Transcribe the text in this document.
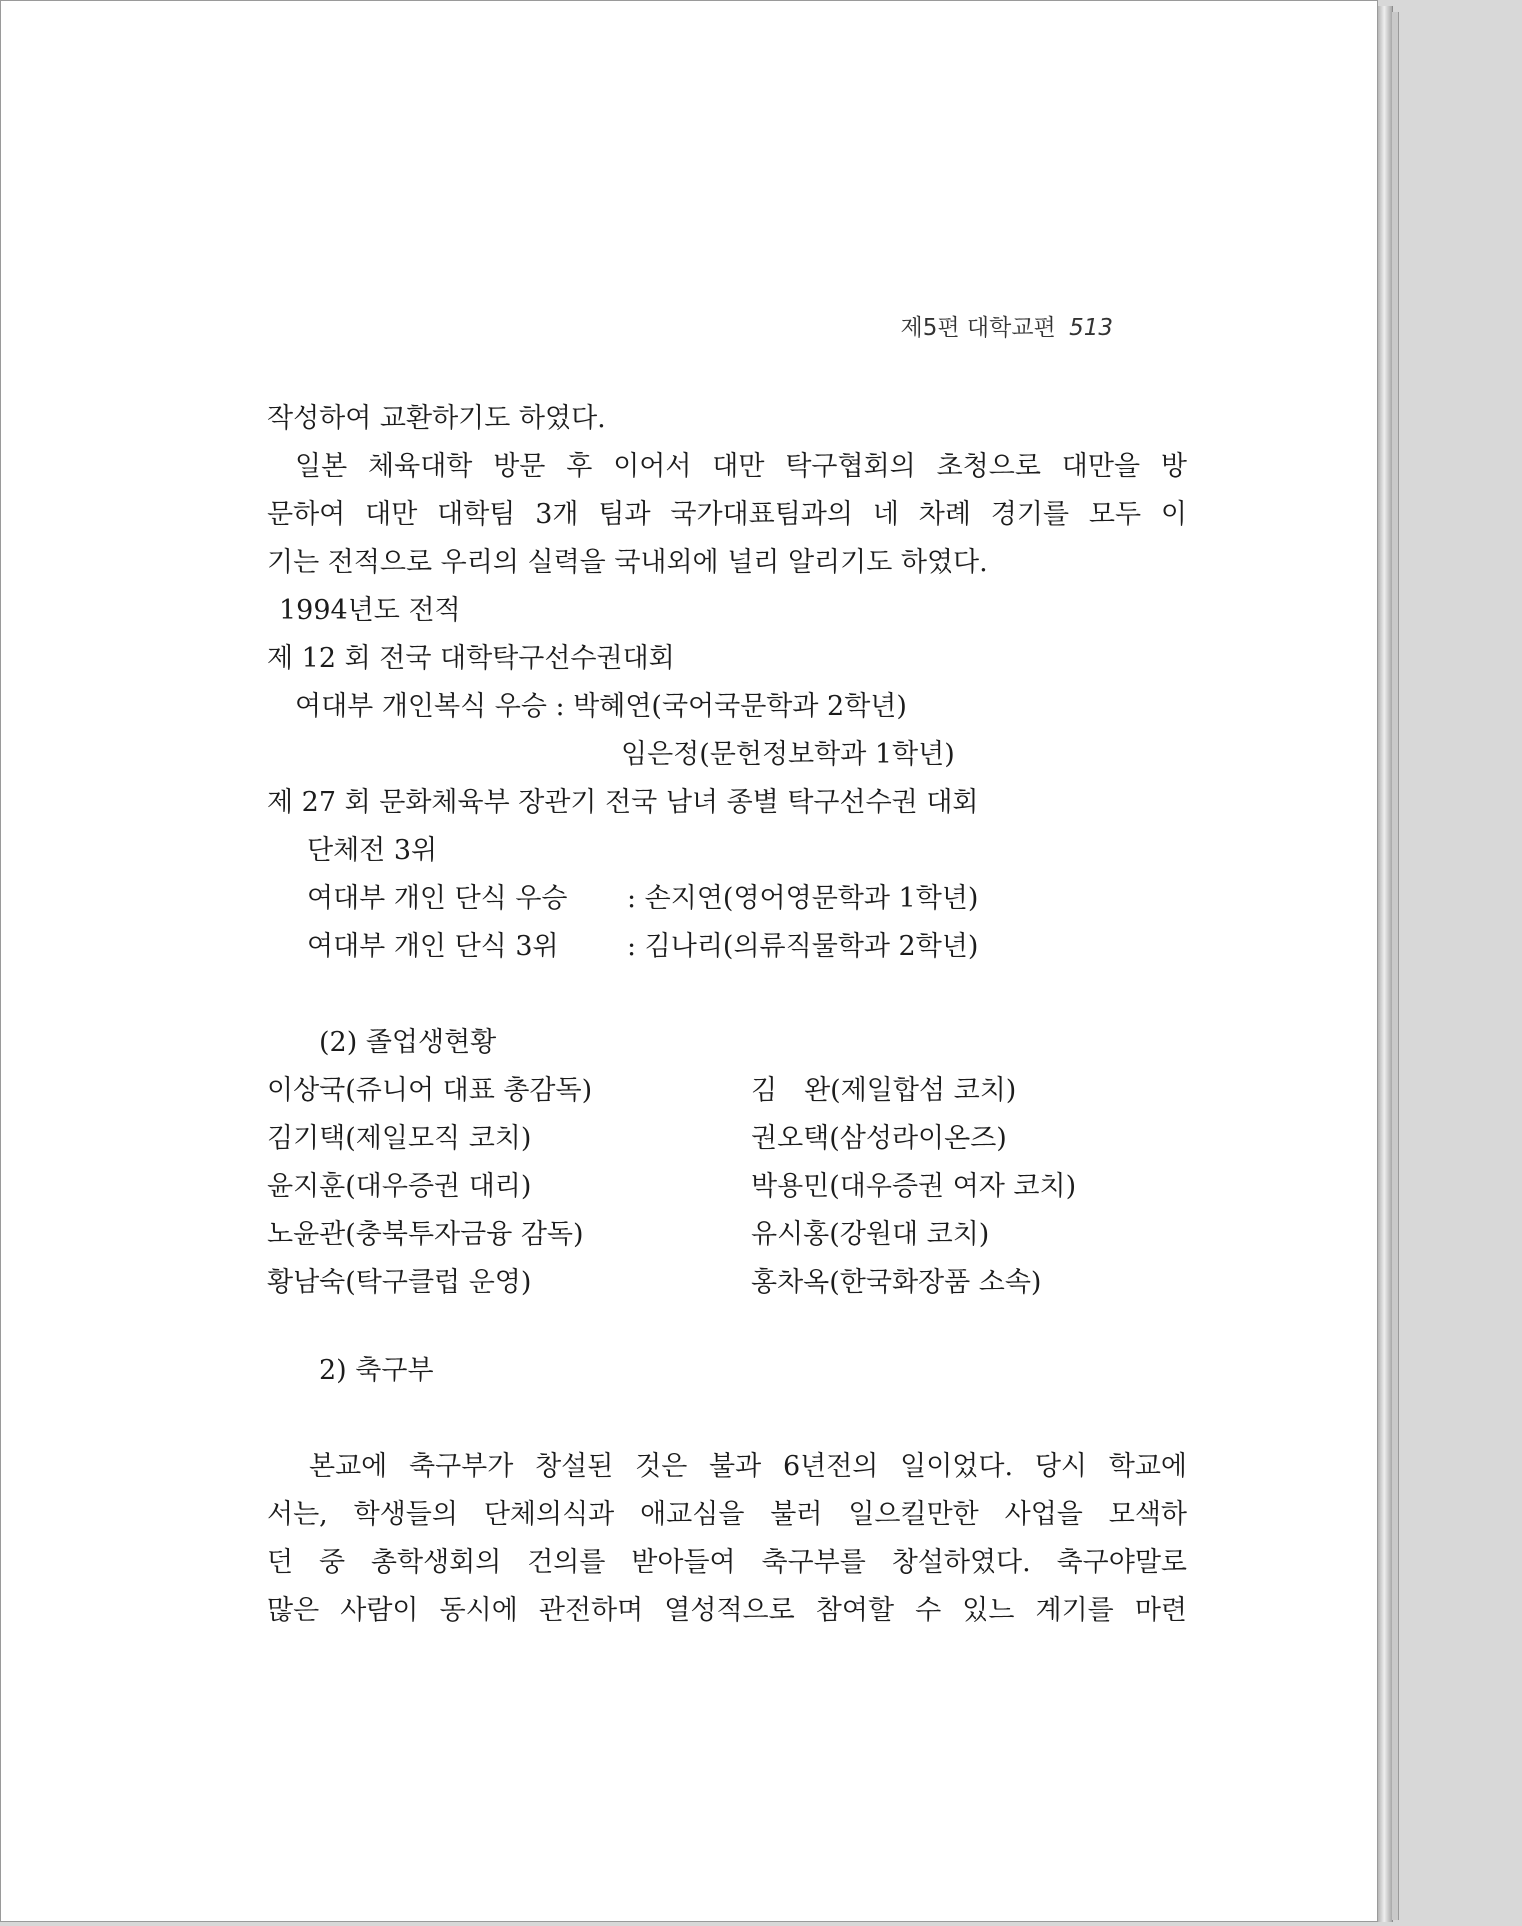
제5편 대학교편 513
작성하여 교환하기도 하였다.
일본 체육대학 방문 후 이어서 대만 탁구협회의 초청으로 대만을 방
문하여 대만 대학팀 3개 팀과 국가대표팀과의 네 차례 경기를 모두 이
기는 전적으로 우리의 실력을 국내외에 널리 알리기도 하였다.
1994년도 전적
제 12 회 전국 대학탁구선수권대회
여대부 개인복식 우승 : 박혜연(국어국문학과 2학년)
임은정(문헌정보학과 1학년)
제 27 회 문화체육부 장관기 전국 남녀 종별 탁구선수권 대회
단체전 3위
여대부 개인 단식 우승 : 손지연(영어영문학과 1학년)
여대부 개인 단식 3위	: 김나리(의류직물학과 2학년)
(2) 졸업생현황
이상국(쥬니어 대표 총감독)	김　완(제일합섬 코치)
김기택(제일모직 코치)	권오택(삼성라이온즈)
윤지훈(대우증권 대리)	박용민(대우증권 여자 코치)
노윤관(충북투자금융 감독)	유시홍(강원대 코치)
황남숙(탁구클럽 운영)	홍차옥(한국화장품 소속)
2) 축구부
본교에 축구부가 창설된 것은 불과 6년전의 일이었다. 당시 학교에
서는, 학생들의 단체의식과 애교심을 불러 일으킬만한 사업을 모색하
던 중 총학생회의 건의를 받아들여 축구부를 창설하였다. 축구야말로
많은 사람이 동시에 관전하며 열성적으로 참여할 수 있느 계기를 마련
